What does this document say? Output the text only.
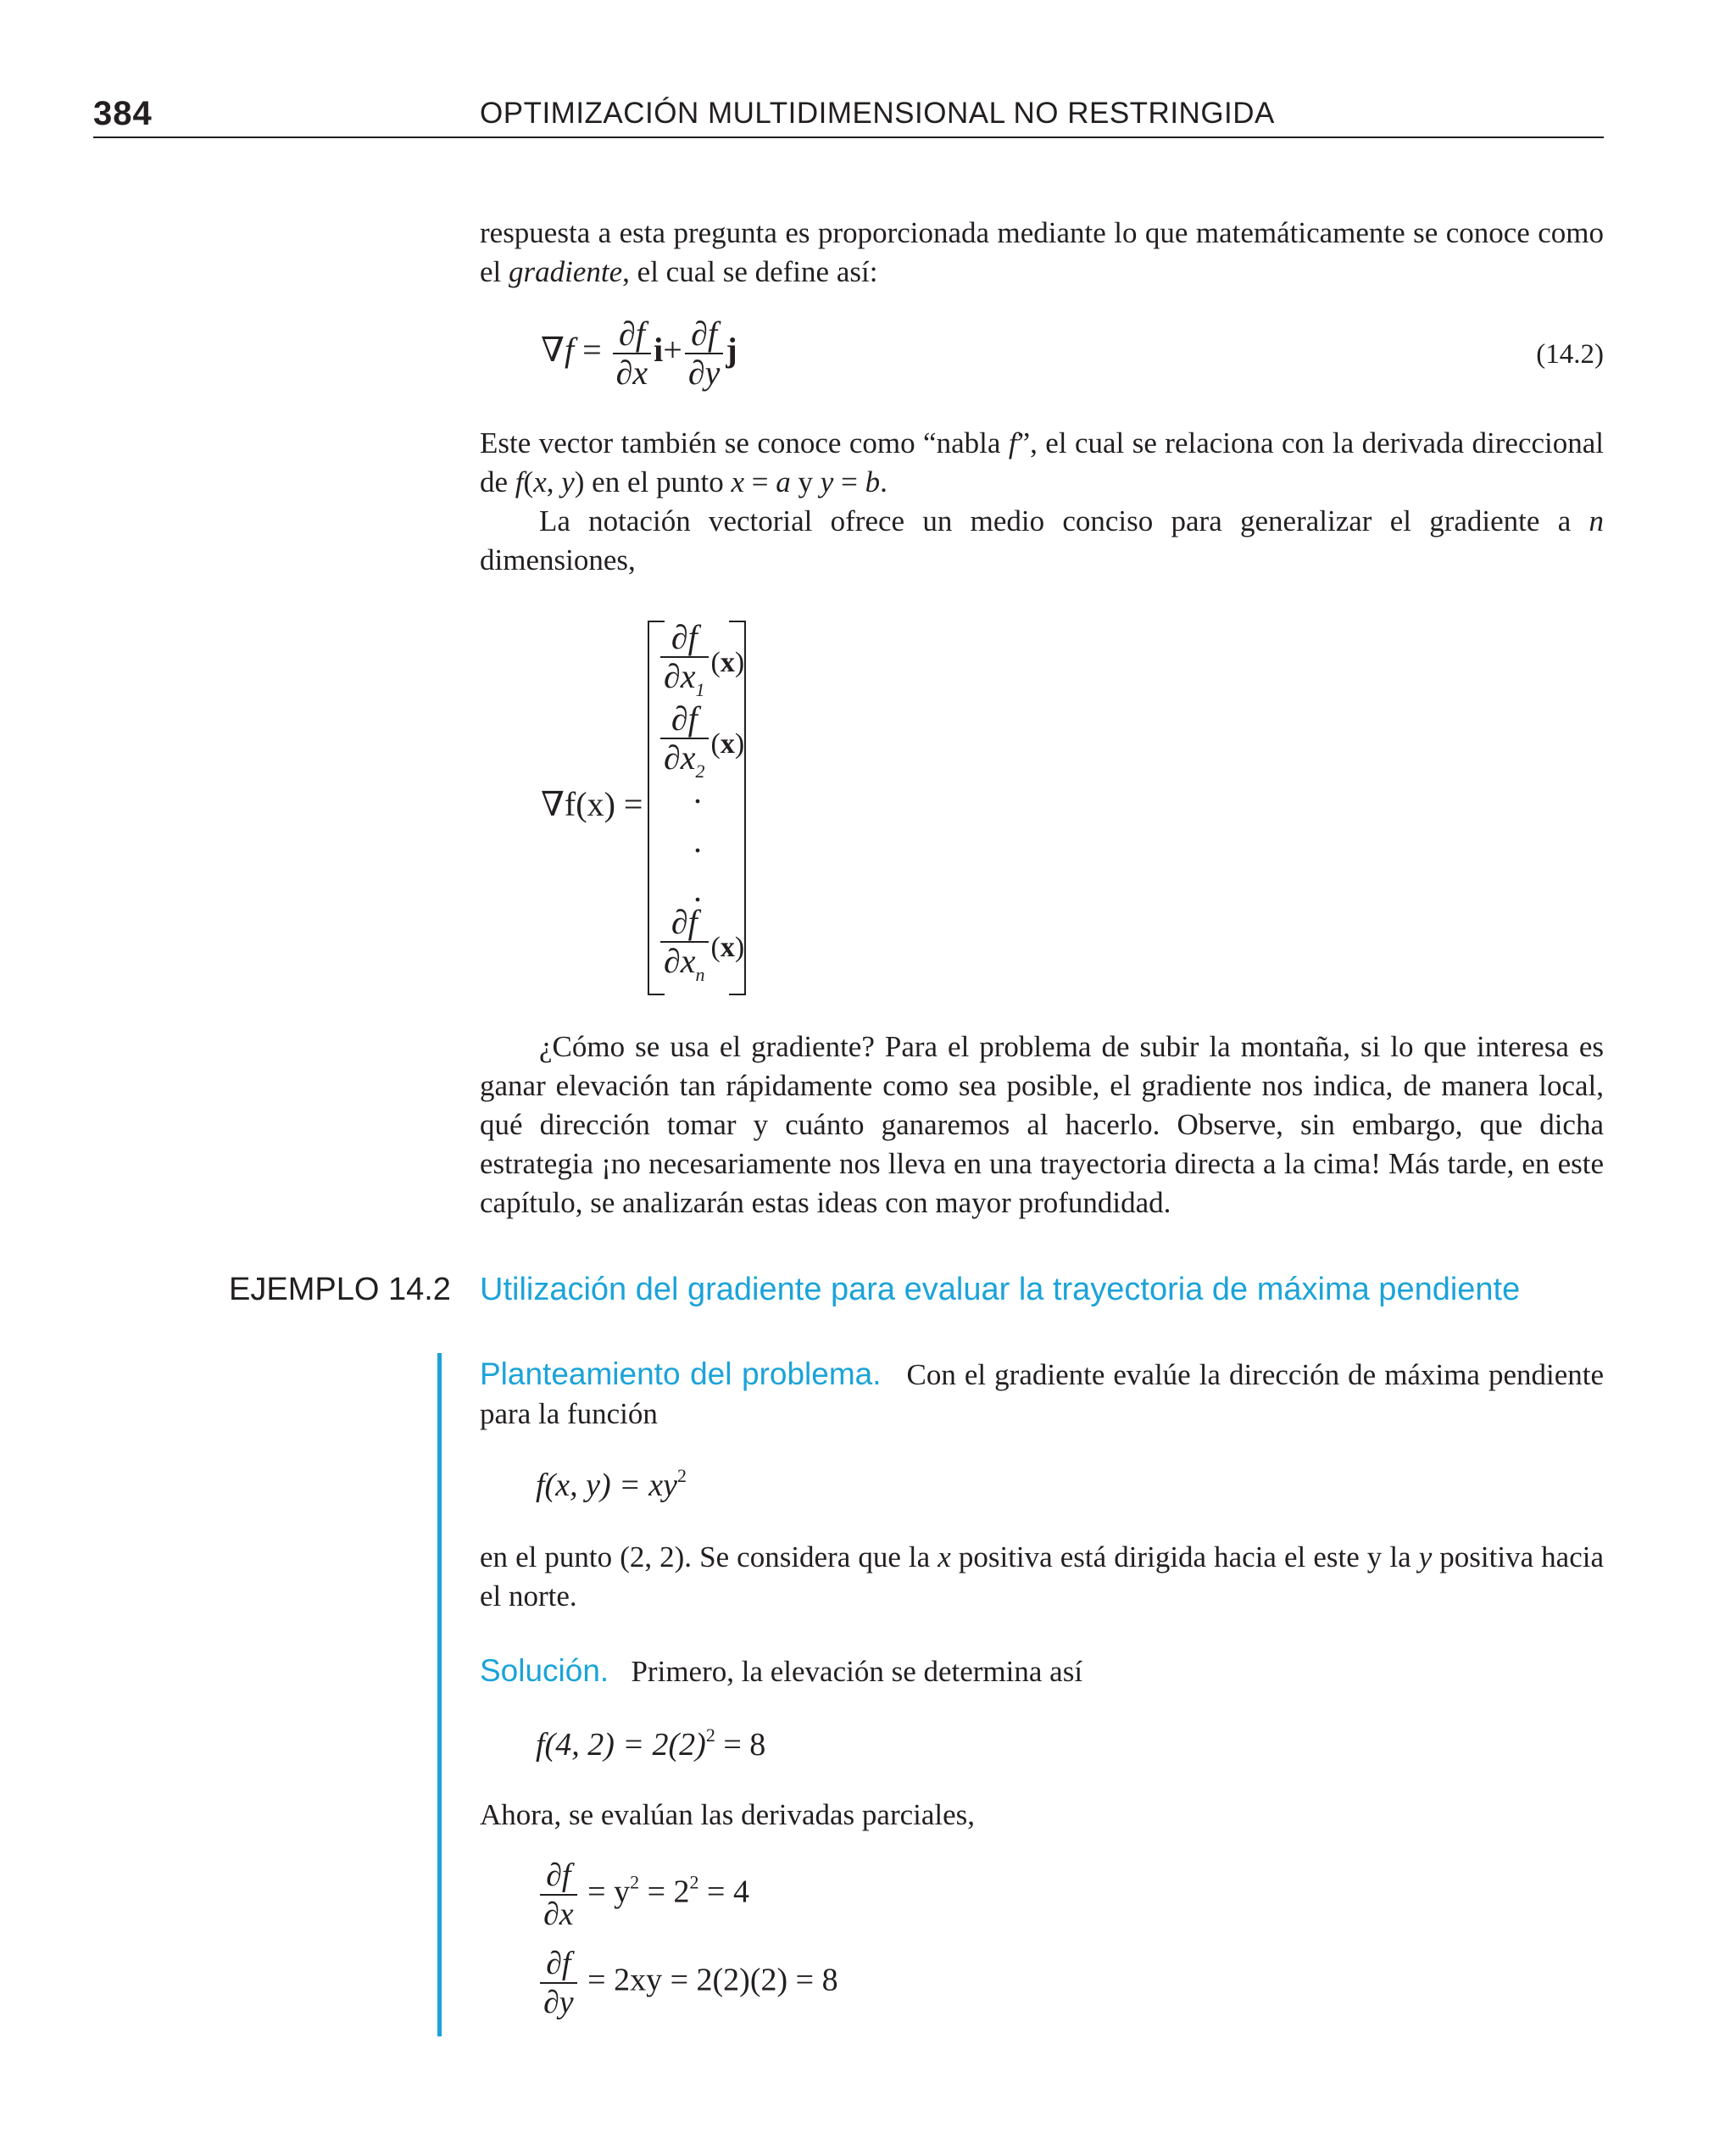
384	OPTIMIZACIÓN MULTIDIMENSIONAL NO RESTRINGIDA

respuesta a esta pregunta es proporcionada mediante lo que matemáticamente se conoce como el gradiente, el cual se define así:

$\nabla f = \frac{\partial f}{\partial x} i+ \frac{\partial f}{\partial y}$ j	(14.2)

Este vector también se conoce como “nabla f”, el cual se relaciona con la derivada direccional de f(x, y) en el punto x = a y y = b.

La notación vectorial ofrece un medio conciso para generalizar el gradiente a n dimensiones,

∇f(x) =
$\frac{\partial f}{\partial x_1} (x)$
$\frac{\partial f}{\partial x_2} (x)$
.
.
.
$\frac{\partial f}{\partial x_n} (x)$

¿Cómo se usa el gradiente? Para el problema de subir la montaña, si lo que interesa es ganar elevación tan rápidamente como sea posible, el gradiente nos indica, de manera local, qué dirección tomar y cuánto ganaremos al hacerlo. Observe, sin embargo, que dicha estrategia ¡no necesariamente nos lleva en una trayectoria directa a la cima! Más tarde, en este capítulo, se analizarán estas ideas con mayor profundidad.

EJEMPLO 14.2 Utilización del gradiente para evaluar la trayectoria de máxima pendiente

Planteamiento del problema. Con el gradiente evalúe la dirección de máxima pendiente para la función

f(x, $y) = xy^2$

en el punto (2, 2). Se considera que la x positiva está dirigida hacia el este y la y positiva hacia el norte.

Solución. Primero, la elevación se determina así

f(4, $2) = 2(2)^2 = 8$

Ahora, se evalúan las derivadas parciales,

$\frac{\partial f}{\partial x} = y^2 = 2^2 = 4$
$\frac{\partial f}{\partial y} = 2xy = 2(2)(2) = 8$
